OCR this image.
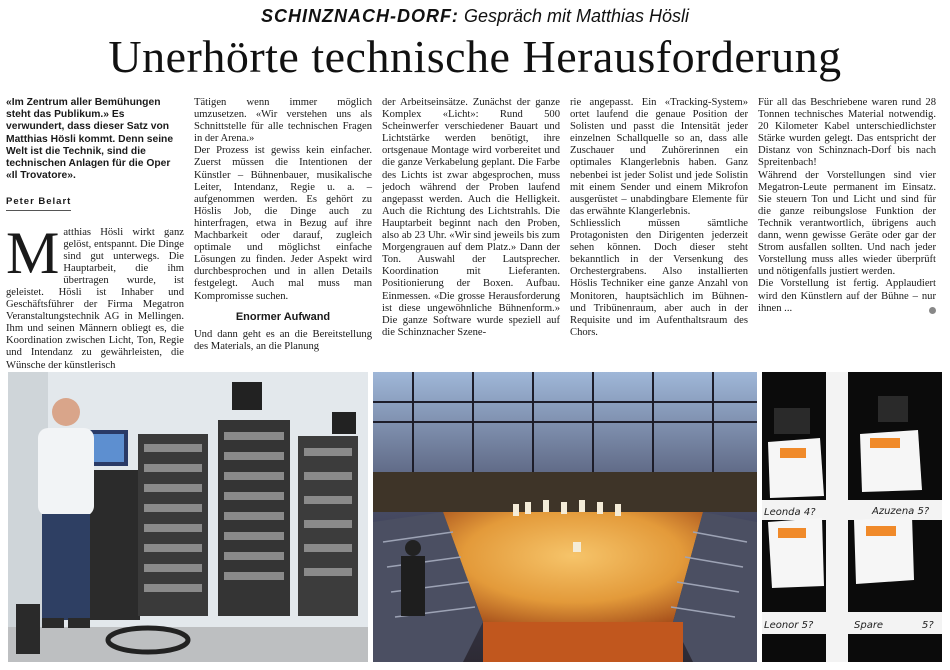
SCHINZNACH-DORF: Gespräch mit Matthias Hösli
Unerhörte technische Herausforderung
«Im Zentrum aller Bemühungen steht das Publikum.» Es verwundert, dass dieser Satz von Matthias Hösli kommt. Denn seine Welt ist die Technik, sind die technischen Anlagen für die Oper «Il Trovatore».
Peter Belart
M atthias Hösli wirkt ganz gelöst, entspannt. Die Dinge sind gut unterwegs. Die Hauptarbeit, die ihm übertragen wurde, ist geleistet. Hösli ist Inhaber und Geschäftsführer der Firma Megatron Veranstaltungstechnik AG in Mellingen. Ihm und seinen Männern obliegt es, die Koordination zwischen Licht, Ton, Regie und Intendanz zu gewährleisten, die Wünsche der künstlerisch
Tätigen wenn immer möglich umzusetzen. «Wir verstehen uns als Schnittstelle für alle technischen Fragen in der Arena.»
Der Prozess ist gewiss kein einfacher. Zuerst müssen die Intentionen der Künstler – Bühnenbauer, musikalische Leiter, Intendanz, Regie u. a. – aufgenommen werden. Es gehört zu Höslis Job, die Dinge auch zu hinterfragen, etwa in Bezug auf ihre Machbarkeit oder darauf, zugleich optimale und möglichst einfache Lösungen zu finden. Jeder Aspekt wird durchbesprochen und in allen Details festgelegt. Auch mal muss man Kompromisse suchen.
Enormer Aufwand
Und dann geht es an die Bereitstellung des Materials, an die Planung
der Arbeitseinsätze. Zunächst der ganze Komplex «Licht»: Rund 500 Scheinwerfer verschiedener Bauart und Lichtstärke werden benötigt, ihre ortsgenaue Montage wird vorbereitet und die ganze Verkabelung geplant. Die Farbe des Lichts ist zwar abgesprochen, muss jedoch während der Proben laufend angepasst werden. Auch die Helligkeit. Auch die Richtung des Lichtstrahls. Die Hauptarbeit beginnt nach den Proben, also ab 23 Uhr. «Wir sind jeweils bis zum Morgengrauen auf dem Platz.» Dann der Ton. Auswahl der Lautsprecher. Koordination mit Lieferanten. Positionierung der Boxen. Aufbau. Einmessen. «Die grosse Herausforderung ist diese ungewöhnliche Bühnenform.» Die ganze Software wurde speziell auf die Schinznacher Szene-
rie angepasst. Ein «Tracking-System» ortet laufend die genaue Position der Solisten und passt die Intensität jeder einzelnen Schallquelle so an, dass alle Zuschauer und Zuhörerinnen ein optimales Klangerlebnis haben. Ganz nebenbei ist jeder Solist und jede Solistin mit einem Sender und einem Mikrofon ausgerüstet – unabdingbare Elemente für das erwähnte Klangerlebnis.
Schliesslich müssen sämtliche Protagonisten den Dirigenten jederzeit sehen können. Doch dieser steht bekanntlich in der Versenkung des Orchestergrabens. Also installierten Höslis Techniker eine ganze Anzahl von Monitoren, hauptsächlich im Bühnen- und Tribünenraum, aber auch in der Requisite und im Aufenthaltsraum des Chors.
Für all das Beschriebene waren rund 28 Tonnen technisches Material notwendig. 20 Kilometer Kabel unterschiedlichster Stärke wurden gelegt. Das entspricht der Distanz von Schinznach-Dorf bis nach Spreitenbach!
Während der Vorstellungen sind vier Megatron-Leute permanent im Einsatz. Sie steuern Ton und Licht und sind für die ganze reibungslose Funktion der Technik verantwortlich, übrigens auch dann, wenn gewisse Geräte oder gar der Strom ausfallen sollten. Und nach jeder Vorstellung muss alles wieder überprüft und nötigenfalls justiert werden.
Die Vorstellung ist fertig. Applaudiert wird den Künstlern auf der Bühne – nur ihnen ...
Leonda 4?	Azuzena 5?
Spare	5?
Leonor 5?
